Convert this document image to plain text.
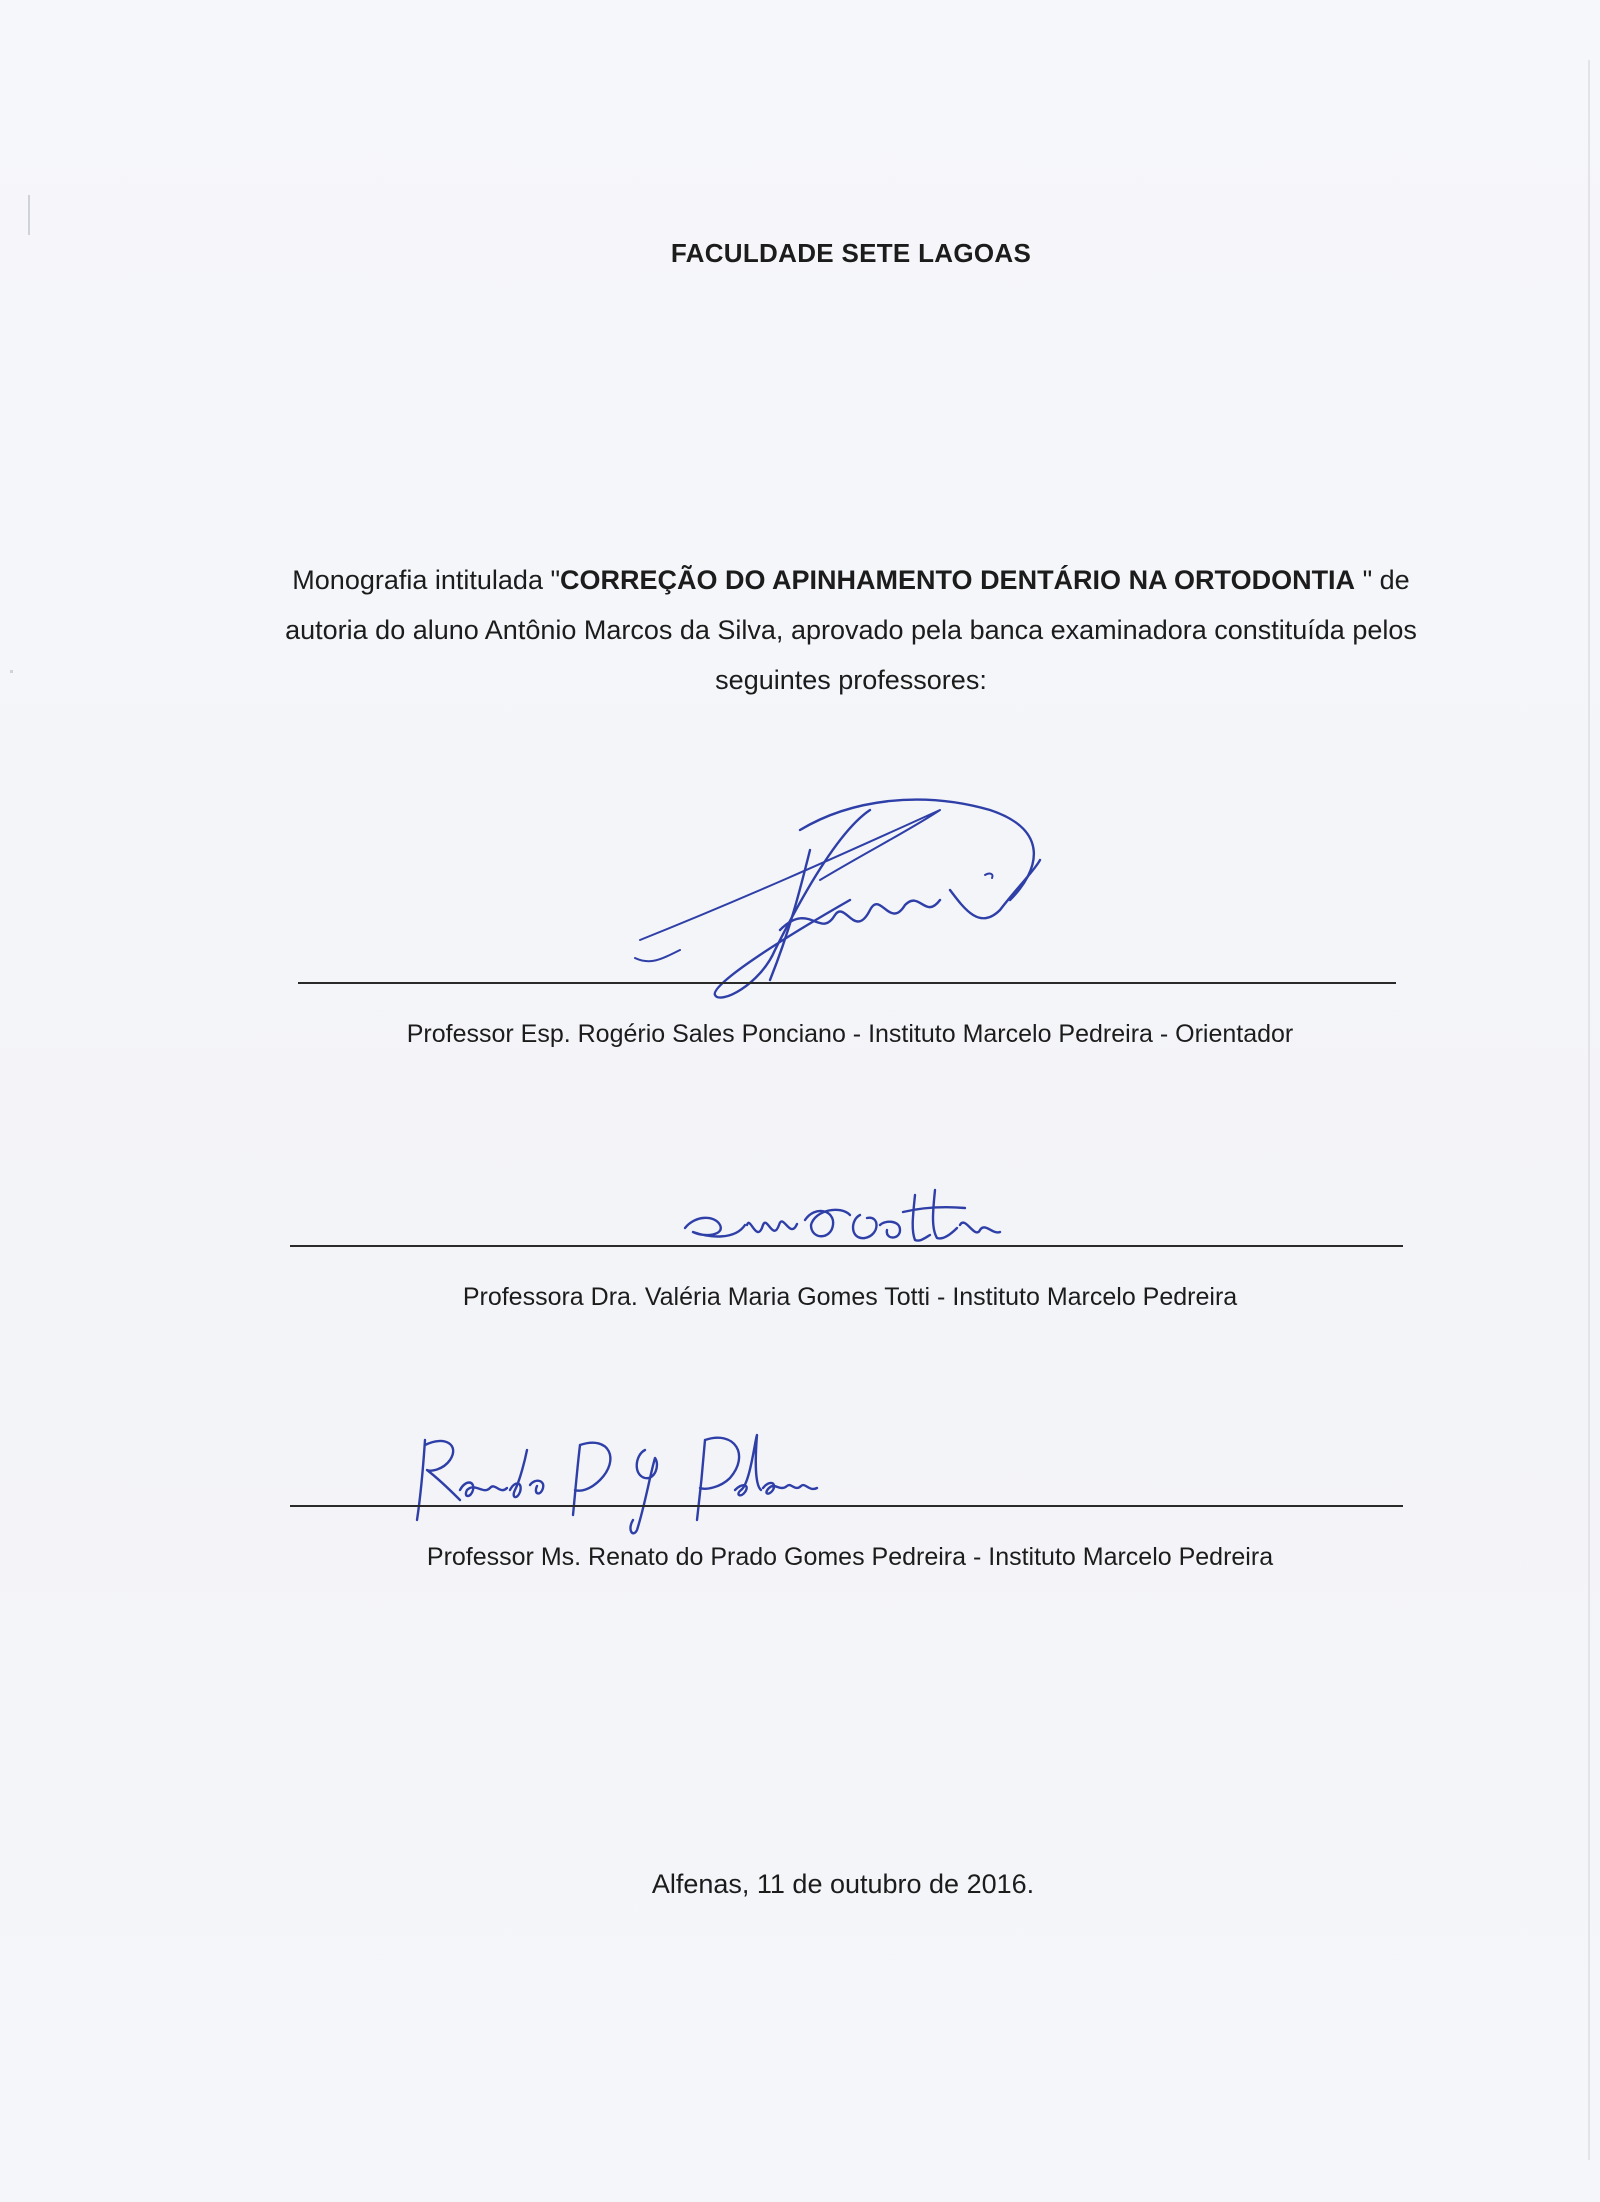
FACULDADE SETE LAGOAS
Monografia intitulada "CORREÇÃO DO APINHAMENTO DENTÁRIO NA ORTODONTIA " de autoria do aluno Antônio Marcos da Silva, aprovado pela banca examinadora constituída pelos seguintes professores:
Professor Esp. Rogério Sales Ponciano - Instituto Marcelo Pedreira - Orientador
Professora Dra. Valéria Maria Gomes Totti - Instituto Marcelo Pedreira
Professor Ms. Renato do Prado Gomes Pedreira - Instituto Marcelo Pedreira
Alfenas, 11 de outubro de 2016.
